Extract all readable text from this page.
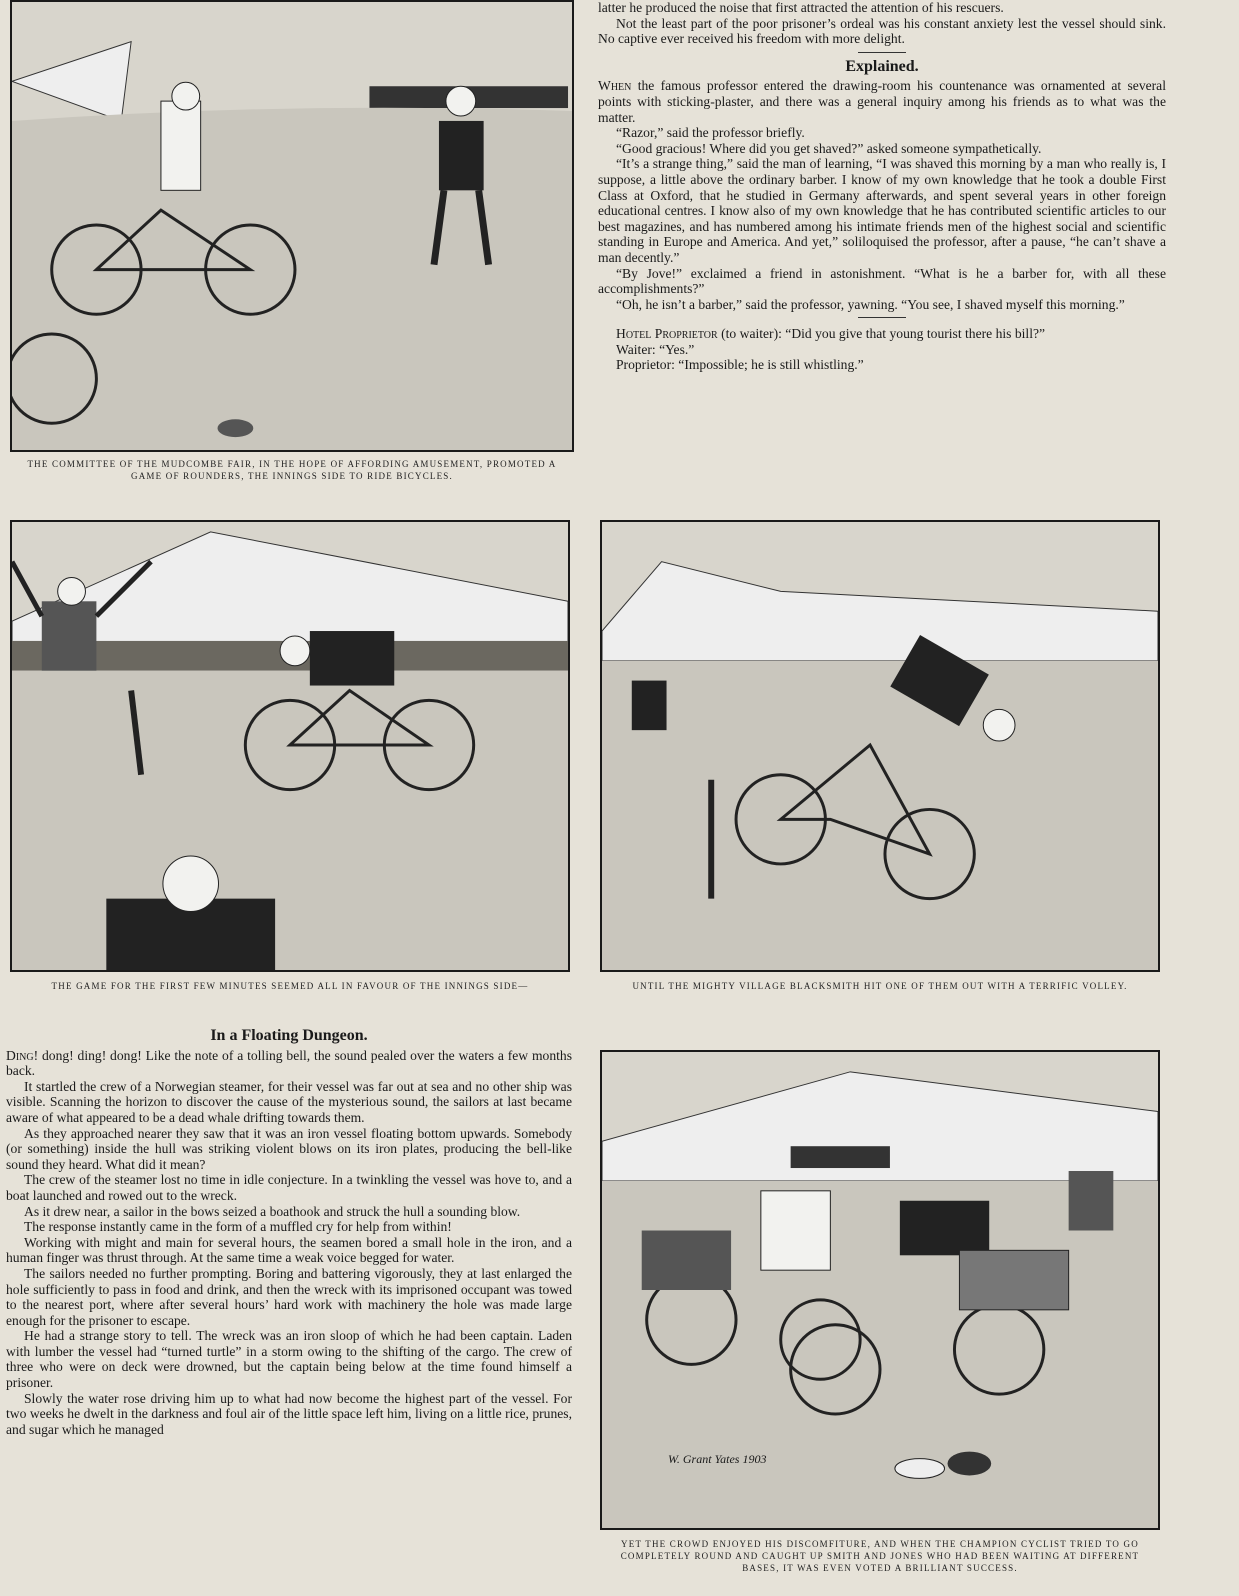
THE COMMITTEE OF THE MUDCOMBE FAIR, IN THE HOPE OF AFFORDING AMUSEMENT, PROMOTED A GAME OF ROUNDERS, THE INNINGS SIDE TO RIDE BICYCLES.

latter he produced the noise that first attracted the attention of his rescuers.

Not the least part of the poor prisoner’s ordeal was his constant anxiety lest the vessel should sink. No captive ever received his freedom with more delight.

Explained.

When the famous professor entered the drawing-room his countenance was ornamented at several points with sticking-plaster, and there was a general inquiry among his friends as to what was the matter.

“Razor,” said the professor briefly.

“Good gracious! Where did you get shaved?” asked someone sympathetically.

“It’s a strange thing,” said the man of learning, “I was shaved this morning by a man who really is, I suppose, a little above the ordinary barber. I know of my own knowledge that he took a double First Class at Oxford, that he studied in Germany afterwards, and spent several years in other foreign educational centres. I know also of my own knowledge that he has contributed scientific articles to our best magazines, and has numbered among his intimate friends men of the highest social and scientific standing in Europe and America. And yet,” soliloquised the professor, after a pause, “he can’t shave a man decently.”

“By Jove!” exclaimed a friend in astonishment. “What is he a barber for, with all these accomplishments?”

“Oh, he isn’t a barber,” said the professor, yawning. “You see, I shaved myself this morning.”

Hotel Proprietor (to waiter): “Did you give that young tourist there his bill?”

Waiter: “Yes.”

Proprietor: “Impossible; he is still whistling.”

THE GAME FOR THE FIRST FEW MINUTES SEEMED ALL IN FAVOUR OF THE INNINGS SIDE—	UNTIL THE MIGHTY VILLAGE BLACKSMITH HIT ONE OF THEM OUT WITH A TERRIFIC VOLLEY.
In a Floating Dungeon.

Ding! dong! ding! dong! Like the note of a tolling bell, the sound pealed over the waters a few months back.

It startled the crew of a Norwegian steamer, for their vessel was far out at sea and no other ship was visible. Scanning the horizon to discover the cause of the mysterious sound, the sailors at last became aware of what appeared to be a dead whale drifting towards them.

As they approached nearer they saw that it was an iron vessel floating bottom upwards. Somebody (or something) inside the hull was striking violent blows on its iron plates, producing the bell-like sound they heard. What did it mean?

The crew of the steamer lost no time in idle conjecture. In a twinkling the vessel was hove to, and a boat launched and rowed out to the wreck.

As it drew near, a sailor in the bows seized a boathook and struck the hull a sounding blow.

The response instantly came in the form of a muffled cry for help from within!

Working with might and main for several hours, the seamen bored a small hole in the iron, and a human finger was thrust through. At the same time a weak voice begged for water.

The sailors needed no further prompting. Boring and battering vigorously, they at last enlarged the hole sufficiently to pass in food and drink, and then the wreck with its imprisoned occupant was towed to the nearest port, where after several hours’ hard work with machinery the hole was made large enough for the prisoner to escape.

He had a strange story to tell. The wreck was an iron sloop of which he had been captain. Laden with lumber the vessel had “turned turtle” in a storm owing to the shifting of the cargo. The crew of three who were on deck were drowned, but the captain being below at the time found himself a prisoner.

Slowly the water rose driving him up to what had now become the highest part of the vessel. For two weeks he dwelt in the darkness and foul air of the little space left him, living on a little rice, prunes, and sugar which he managed

W. Grant Yates 1903
YET THE CROWD ENJOYED HIS DISCOMFITURE, AND WHEN THE CHAMPION CYCLIST TRIED TO GO COMPLETELY ROUND AND CAUGHT UP SMITH AND JONES WHO HAD BEEN WAITING AT DIFFERENT BASES, IT WAS EVEN VOTED A BRILLIANT SUCCESS.
